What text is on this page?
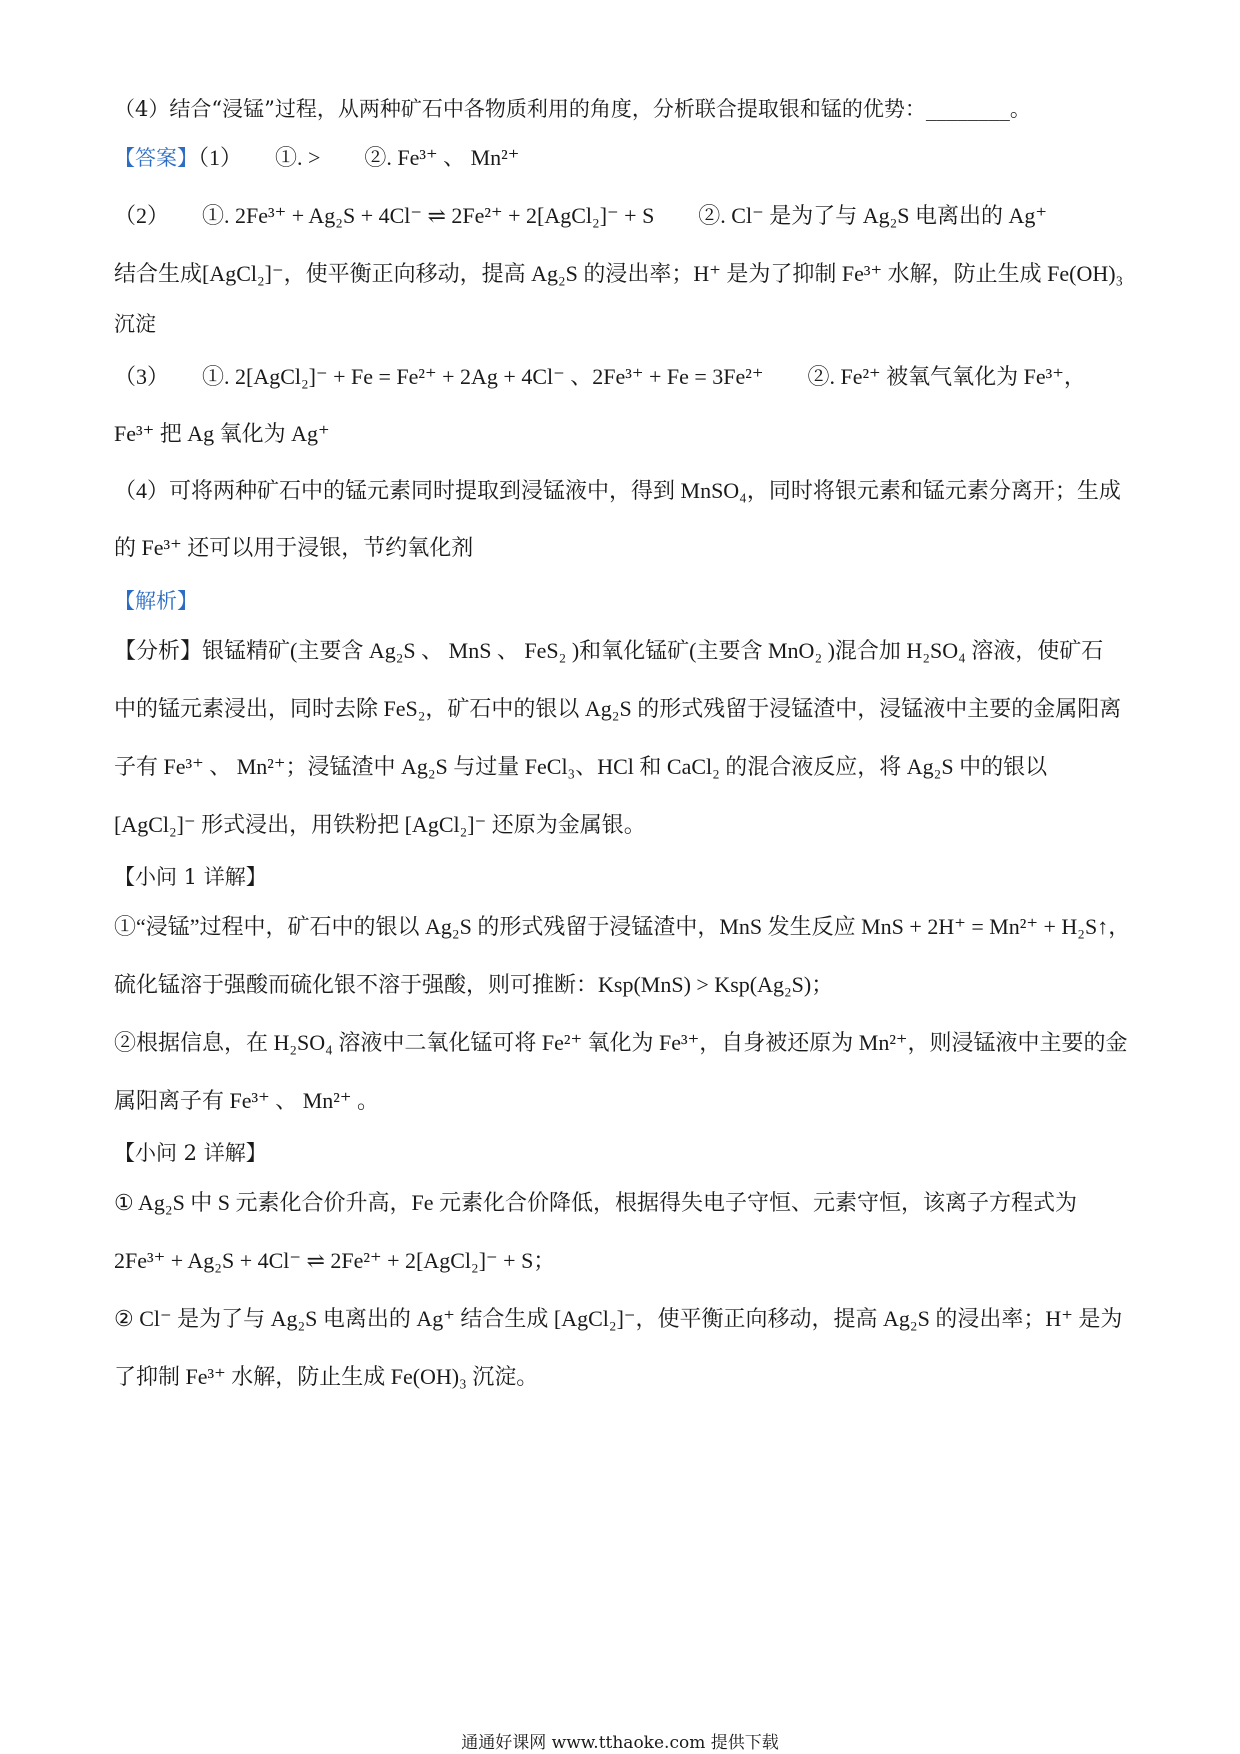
（4）结合“浸锰”过程，从两种矿石中各物质利用的角度，分析联合提取银和锰的优势：________。
【答案】（1）　　①. >　　②. Fe³⁺ 、 Mn²⁺
（2）　　①. 2Fe³⁺ + Ag₂S + 4Cl⁻ ⇌ 2Fe²⁺ + 2[AgCl₂]⁻ + S　　②. Cl⁻ 是为了与 Ag₂S 电离出的 Ag⁺
结合生成[AgCl₂]⁻，使平衡正向移动，提高 Ag₂S 的浸出率；H⁺ 是为了抑制 Fe³⁺ 水解，防止生成 Fe(OH)₃
沉淀
（3）　　①. 2[AgCl₂]⁻ + Fe = Fe²⁺ + 2Ag + 4Cl⁻ 、2Fe³⁺ + Fe = 3Fe²⁺　　②. Fe²⁺ 被氧气氧化为 Fe³⁺，
Fe³⁺ 把 Ag 氧化为 Ag⁺
（4）可将两种矿石中的锰元素同时提取到浸锰液中，得到 MnSO₄，同时将银元素和锰元素分离开；生成
的 Fe³⁺ 还可以用于浸银，节约氧化剂
【解析】
【分析】银锰精矿(主要含 Ag₂S 、 MnS 、 FeS₂ )和氧化锰矿(主要含 MnO₂ )混合加 H₂SO₄ 溶液，使矿石
中的锰元素浸出，同时去除 FeS₂，矿石中的银以 Ag₂S 的形式残留于浸锰渣中，浸锰液中主要的金属阳离
子有 Fe³⁺ 、 Mn²⁺；浸锰渣中 Ag₂S 与过量 FeCl₃、HCl 和 CaCl₂ 的混合液反应，将 Ag₂S 中的银以
[AgCl₂]⁻ 形式浸出，用铁粉把 [AgCl₂]⁻ 还原为金属银。
【小问 1 详解】
①“浸锰”过程中，矿石中的银以 Ag₂S 的形式残留于浸锰渣中，MnS 发生反应 MnS + 2H⁺ = Mn²⁺ + H₂S↑，
硫化锰溶于强酸而硫化银不溶于强酸，则可推断：Ksp(MnS) > Ksp(Ag₂S)；
②根据信息，在 H₂SO₄ 溶液中二氧化锰可将 Fe²⁺ 氧化为 Fe³⁺，自身被还原为 Mn²⁺，则浸锰液中主要的金
属阳离子有 Fe³⁺ 、 Mn²⁺ 。
【小问 2 详解】
① Ag₂S 中 S 元素化合价升高，Fe 元素化合价降低，根据得失电子守恒、元素守恒，该离子方程式为
2Fe³⁺ + Ag₂S + 4Cl⁻ ⇌ 2Fe²⁺ + 2[AgCl₂]⁻ + S；
② Cl⁻ 是为了与 Ag₂S 电离出的 Ag⁺ 结合生成 [AgCl₂]⁻，使平衡正向移动，提高 Ag₂S 的浸出率；H⁺ 是为
了抑制 Fe³⁺ 水解，防止生成 Fe(OH)₃ 沉淀。
通通好课网 www.tthaoke.com 提供下载
